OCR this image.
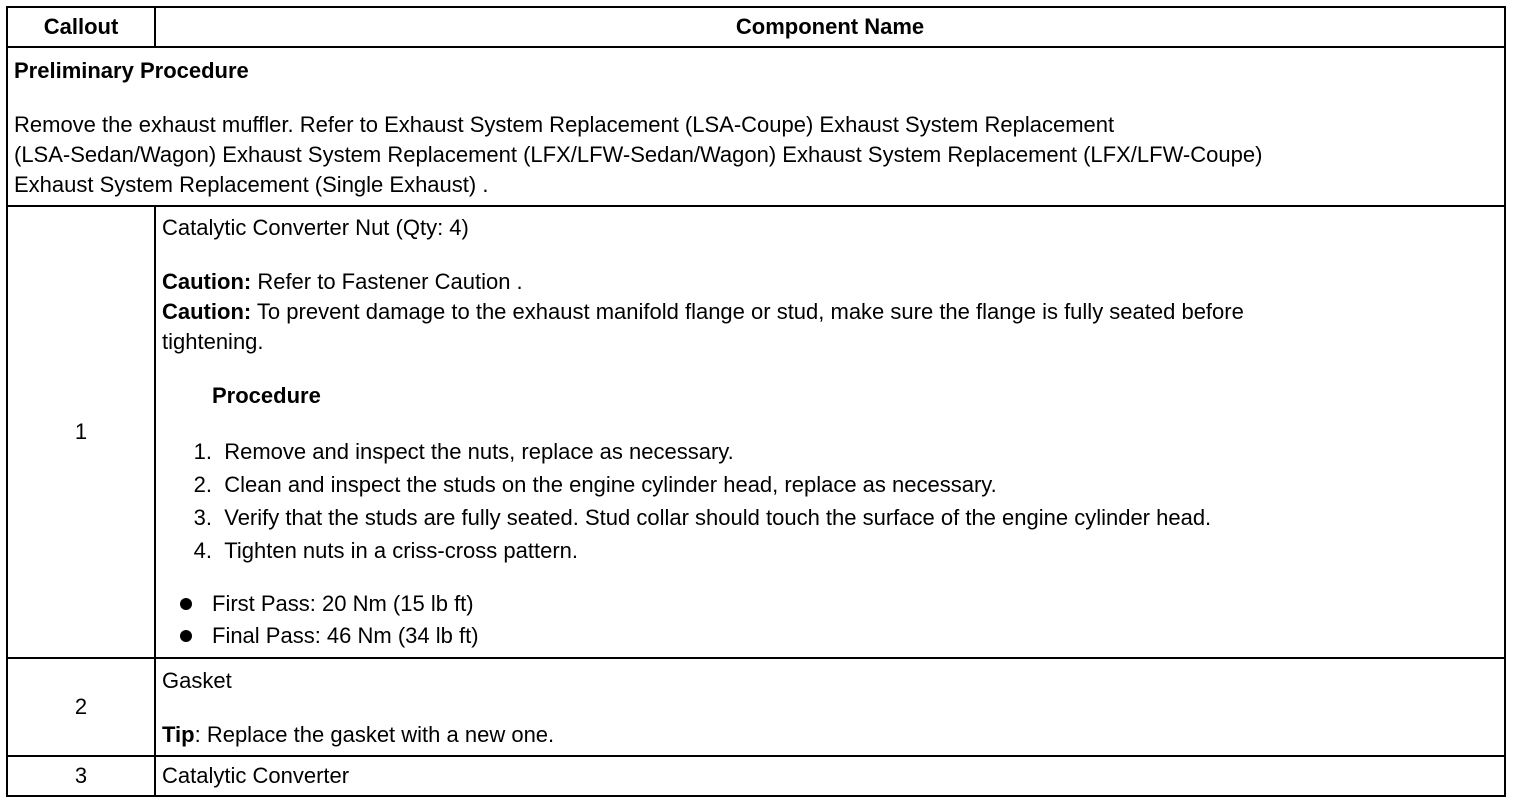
Callout	Component Name
Preliminary Procedure
Remove the exhaust muffler. Refer to Exhaust System Replacement (LSA-Coupe) Exhaust System Replacement
(LSA-Sedan/Wagon) Exhaust System Replacement (LFX/LFW-Sedan/Wagon) Exhaust System Replacement (LFX/LFW-Coupe)
Exhaust System Replacement (Single Exhaust) .
1
Catalytic Converter Nut (Qty: 4)
Caution: Refer to Fastener Caution .
Caution: To prevent damage to the exhaust manifold flange or stud, make sure the flange is fully seated before
tightening.
Procedure
1.
Remove and inspect the nuts, replace as necessary.
2.
Clean and inspect the studs on the engine cylinder head, replace as necessary.
3.
Verify that the studs are fully seated. Stud collar should touch the surface of the engine cylinder head.
4.
Tighten nuts in a criss-cross pattern.
First Pass: 20 Nm (15 lb ft)
Final Pass: 46 Nm (34 lb ft)
2
Gasket
Tip: Replace the gasket with a new one.
3	Catalytic Converter
